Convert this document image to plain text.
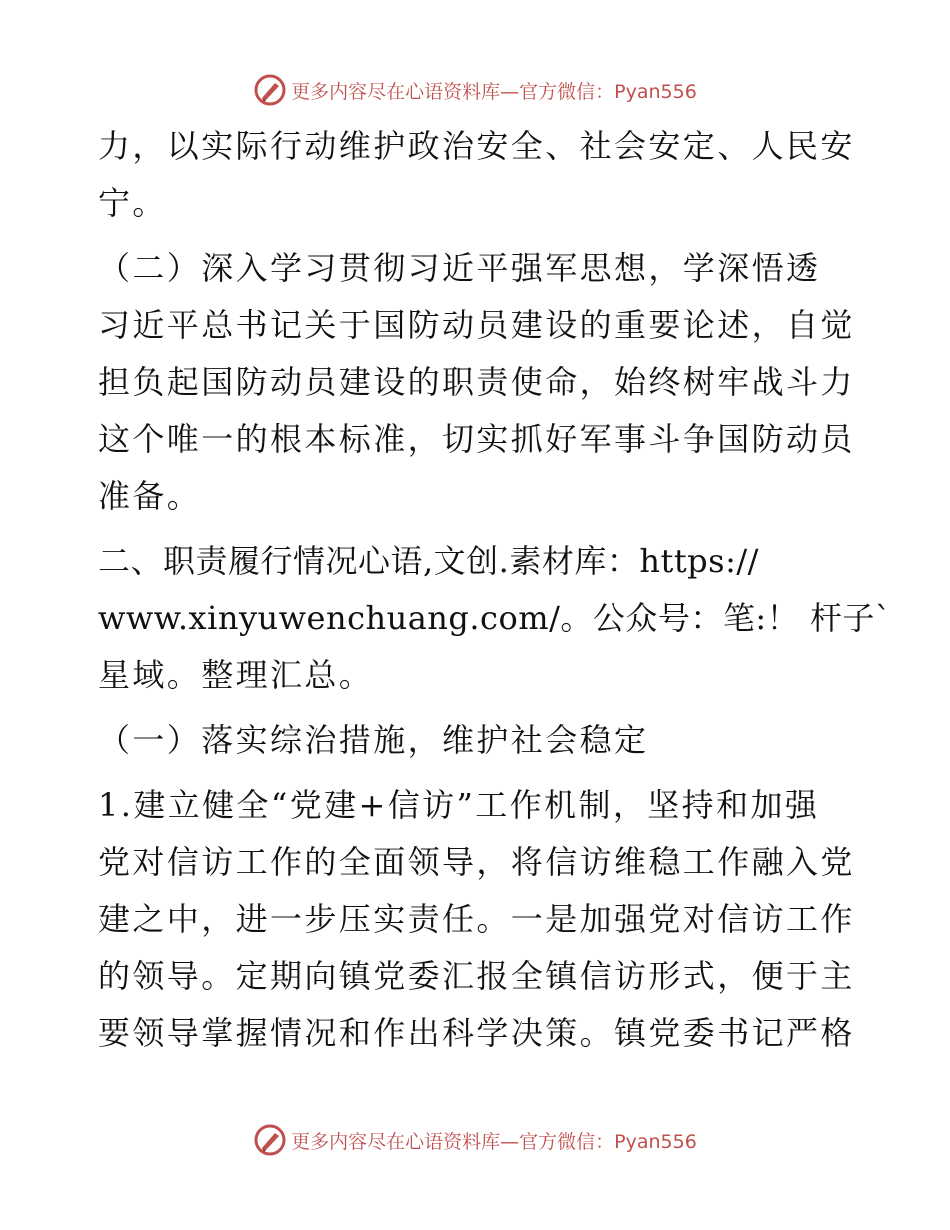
更多内容尽在心语资料库—官方微信：Pyan556
力，以实际行动维护政治安全、社会安定、人民安
宁。
（二）深入学习贯彻习近平强军思想，学深悟透
习近平总书记关于国防动员建设的重要论述，自觉
担负起国防动员建设的职责使命，始终树牢战斗力
这个唯一的根本标准，切实抓好军事斗争国防动员
准备。
二、职责履行情况心语,文创.素材库：https://
www.xinyuwenchuang.com/。公众号：笔:！ 杆子`
星域。整理汇总。
（一）落实综治措施，维护社会稳定
1.建立健全“党建+信访”工作机制，坚持和加强
党对信访工作的全面领导，将信访维稳工作融入党
建之中，进一步压实责任。一是加强党对信访工作
的领导。定期向镇党委汇报全镇信访形式，便于主
要领导掌握情况和作出科学决策。镇党委书记严格
更多内容尽在心语资料库—官方微信：Pyan556
